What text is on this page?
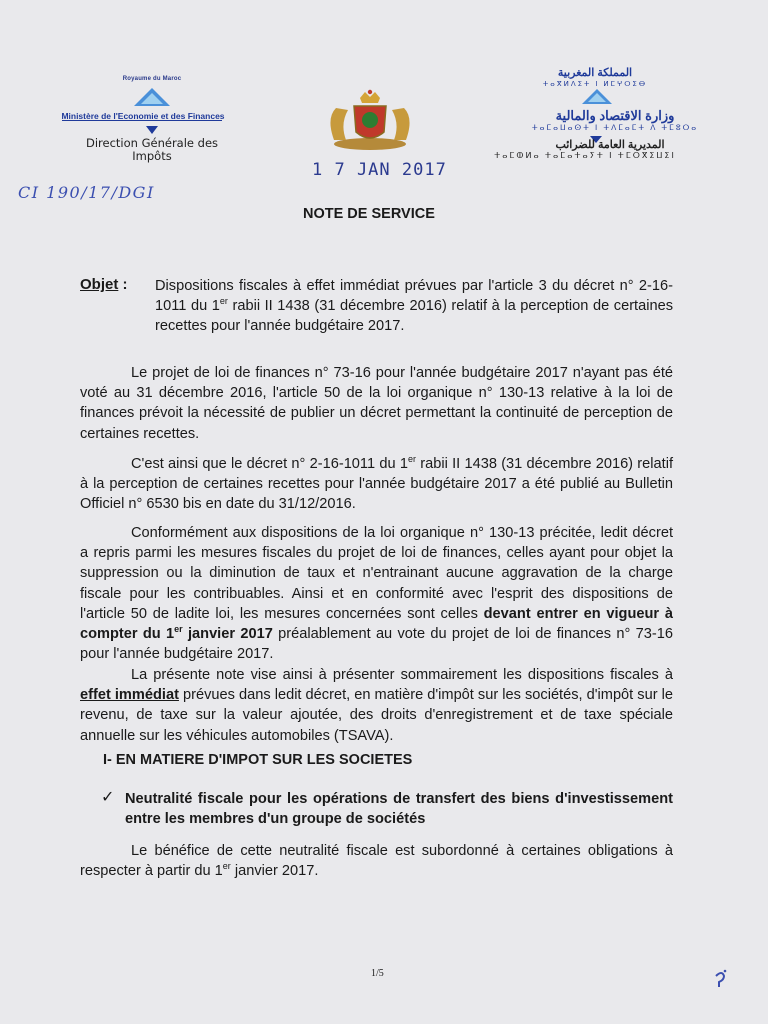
Royaume du Maroc
Ministère de l'Economie et des Finances
Direction Générale des Impôts
CI 190/17/DGI
1 7 JAN 2017
المملكة المغربية
ⵜⴰⴳⵍⴷⵉⵜ ⵏ ⵍⵎⵖⵔⵉⴱ
وزارة الاقتصاد والمالية
ⵜⴰⵎⴰⵡⴰⵙⵜ ⵏ ⵜⴷⵎⴰⵎⵜ ⴷ ⵜⵎⵓⵔⴰ
المديرية العامة للضرائب
ⵜⴰⵎⵀⵍⴰ ⵜⴰⵎⴰⵜⴰⵢⵜ ⵏ ⵜⵎⵔⴳⵉⵡⵉⵏ
NOTE DE SERVICE
Objet :	Dispositions fiscales à effet immédiat prévues par l'article 3 du décret n° 2-16-1011 du 1er rabii II 1438 (31 décembre 2016) relatif à la perception de certaines recettes pour l'année budgétaire 2017.
Le projet de loi de finances n° 73-16 pour l'année budgétaire 2017 n'ayant pas été voté au 31 décembre 2016, l'article 50 de la loi organique n° 130-13 relative à la loi de finances prévoit la nécessité de publier un décret permettant la continuité de perception de certaines recettes.
C'est ainsi que le décret n° 2-16-1011 du 1er rabii II 1438 (31 décembre 2016) relatif à la perception de certaines recettes pour l'année budgétaire 2017 a été publié au Bulletin Officiel n° 6530 bis en date du 31/12/2016.
Conformément aux dispositions de la loi organique n° 130-13 précitée, ledit décret a repris parmi les mesures fiscales du projet de loi de finances, celles ayant pour objet la suppression ou la diminution de taux et n'entrainant aucune aggravation de la charge fiscale pour les contribuables. Ainsi et en conformité avec l'esprit des dispositions de l'article 50 de ladite loi, les mesures concernées sont celles devant entrer en vigueur à compter du 1er janvier 2017 préalablement au vote du projet de loi de finances n° 73-16 pour l'année budgétaire 2017.
La présente note vise ainsi à présenter sommairement les dispositions fiscales à effet immédiat prévues dans ledit décret, en matière d'impôt sur les sociétés, d'impôt sur le revenu, de taxe sur la valeur ajoutée, des droits d'enregistrement et de taxe spéciale annuelle sur les véhicules automobiles (TSAVA).
I- EN MATIERE D'IMPOT SUR LES SOCIETES
✓ Neutralité fiscale pour les opérations de transfert des biens d'investissement entre les membres d'un groupe de sociétés
Le bénéfice de cette neutralité fiscale est subordonné à certaines obligations à respecter à partir du 1er janvier 2017.
1/5
